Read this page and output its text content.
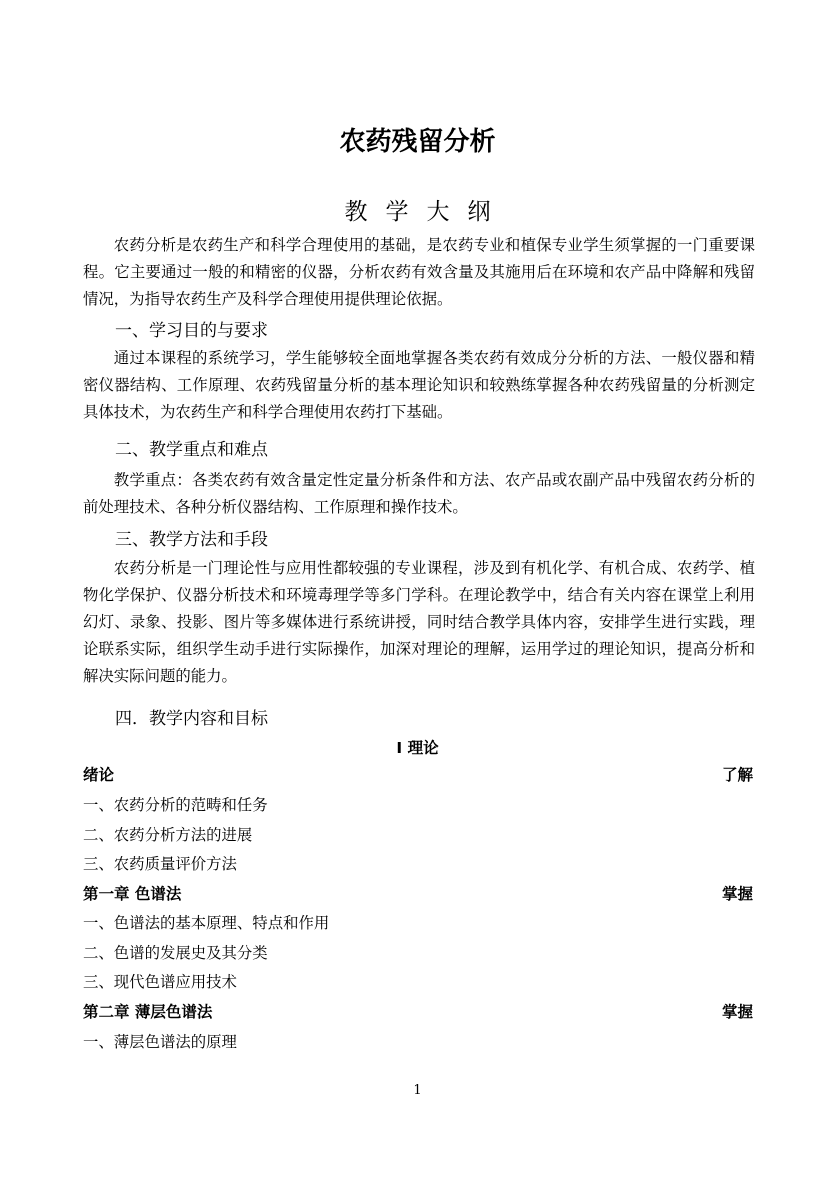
农药残留分析
教学大纲

农药分析是农药生产和科学合理使用的基础，是农药专业和植保专业学生须掌握的一门重要课程。它主要通过一般的和精密的仪器，分析农药有效含量及其施用后在环境和农产品中降解和残留情况，为指导农药生产及科学合理使用提供理论依据。

一、学习目的与要求

通过本课程的系统学习，学生能够较全面地掌握各类农药有效成分分析的方法、一般仪器和精密仪器结构、工作原理、农药残留量分析的基本理论知识和较熟练掌握各种农药残留量的分析测定具体技术，为农药生产和科学合理使用农药打下基础。

二、教学重点和难点

教学重点：各类农药有效含量定性定量分析条件和方法、农产品或农副产品中残留农药分析的前处理技术、各种分析仪器结构、工作原理和操作技术。

三、教学方法和手段

农药分析是一门理论性与应用性都较强的专业课程，涉及到有机化学、有机合成、农药学、植物化学保护、仪器分析技术和环境毒理学等多门学科。在理论教学中，结合有关内容在课堂上利用幻灯、录象、投影、图片等多媒体进行系统讲授，同时结合教学具体内容，安排学生进行实践，理论联系实际，组织学生动手进行实际操作，加深对理论的理解，运用学过的理论知识，提高分析和解决实际问题的能力。

四．教学内容和目标
Ⅰ 理论
绪论	了解
一、农药分析的范畴和任务
二、农药分析方法的进展
三、农药质量评价方法
第一章 色谱法	掌握
一、色谱法的基本原理、特点和作用
二、色谱的发展史及其分类
三、现代色谱应用技术
第二章 薄层色谱法	掌握
一、薄层色谱法的原理
1
